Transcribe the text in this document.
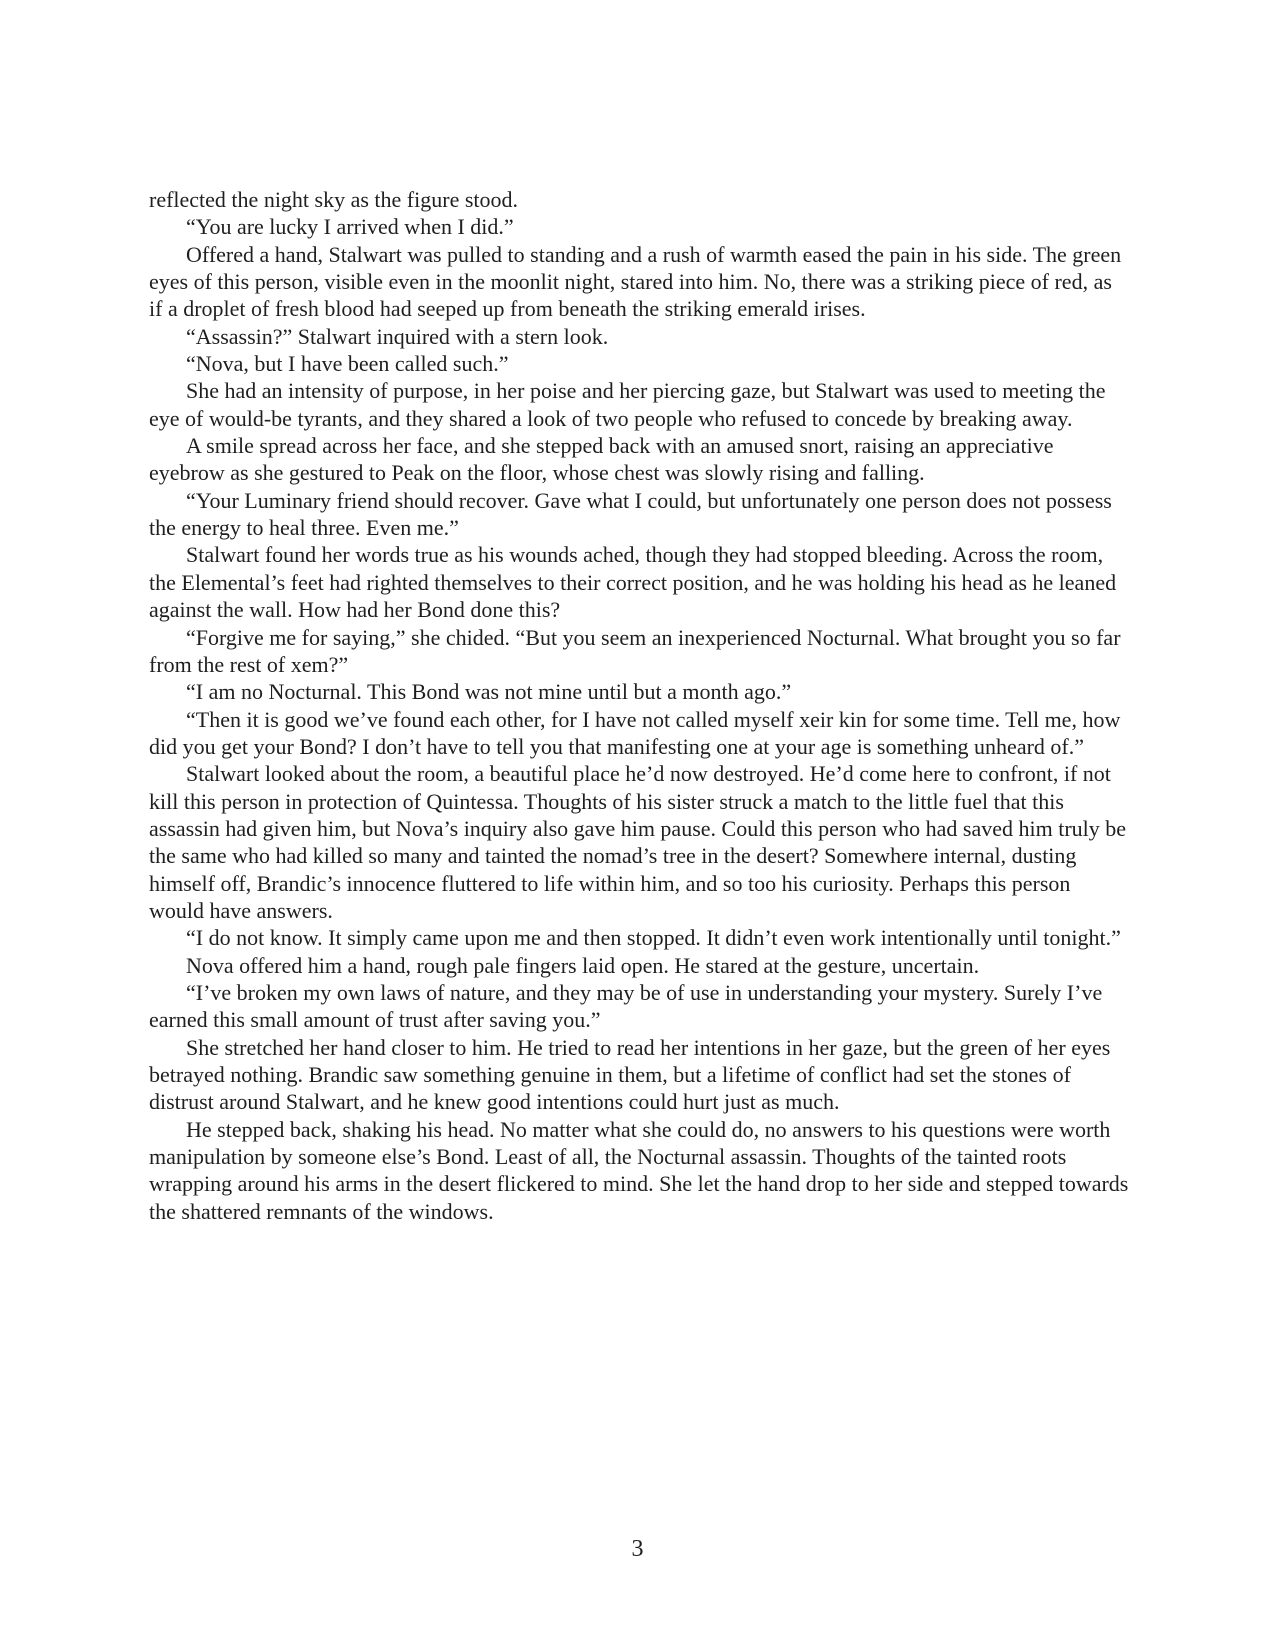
reflected the night sky as the figure stood.

“You are lucky I arrived when I did.”

Offered a hand, Stalwart was pulled to standing and a rush of warmth eased the pain in his side. The green eyes of this person, visible even in the moonlit night, stared into him. No, there was a striking piece of red, as if a droplet of fresh blood had seeped up from beneath the striking emerald irises.

“Assassin?” Stalwart inquired with a stern look.

“Nova, but I have been called such.”

She had an intensity of purpose, in her poise and her piercing gaze, but Stalwart was used to meeting the eye of would-be tyrants, and they shared a look of two people who refused to concede by breaking away.

A smile spread across her face, and she stepped back with an amused snort, raising an appreciative eyebrow as she gestured to Peak on the floor, whose chest was slowly rising and falling.

“Your Luminary friend should recover. Gave what I could, but unfortunately one person does not possess the energy to heal three. Even me.”

Stalwart found her words true as his wounds ached, though they had stopped bleeding. Across the room, the Elemental’s feet had righted themselves to their correct position, and he was holding his head as he leaned against the wall. How had her Bond done this?

“Forgive me for saying,” she chided. “But you seem an inexperienced Nocturnal. What brought you so far from the rest of xem?”

“I am no Nocturnal. This Bond was not mine until but a month ago.”

“Then it is good we’ve found each other, for I have not called myself xeir kin for some time. Tell me, how did you get your Bond? I don’t have to tell you that manifesting one at your age is something unheard of.”

Stalwart looked about the room, a beautiful place he’d now destroyed. He’d come here to confront, if not kill this person in protection of Quintessa. Thoughts of his sister struck a match to the little fuel that this assassin had given him, but Nova’s inquiry also gave him pause. Could this person who had saved him truly be the same who had killed so many and tainted the nomad’s tree in the desert? Somewhere internal, dusting himself off, Brandic’s innocence fluttered to life within him, and so too his curiosity. Perhaps this person would have answers.

“I do not know. It simply came upon me and then stopped. It didn’t even work intentionally until tonight.”

Nova offered him a hand, rough pale fingers laid open. He stared at the gesture, uncertain.

“I’ve broken my own laws of nature, and they may be of use in understanding your mystery. Surely I’ve earned this small amount of trust after saving you.”

She stretched her hand closer to him. He tried to read her intentions in her gaze, but the green of her eyes betrayed nothing. Brandic saw something genuine in them, but a lifetime of conflict had set the stones of distrust around Stalwart, and he knew good intentions could hurt just as much.

He stepped back, shaking his head. No matter what she could do, no answers to his questions were worth manipulation by someone else’s Bond. Least of all, the Nocturnal assassin. Thoughts of the tainted roots wrapping around his arms in the desert flickered to mind. She let the hand drop to her side and stepped towards the shattered remnants of the windows.

3
